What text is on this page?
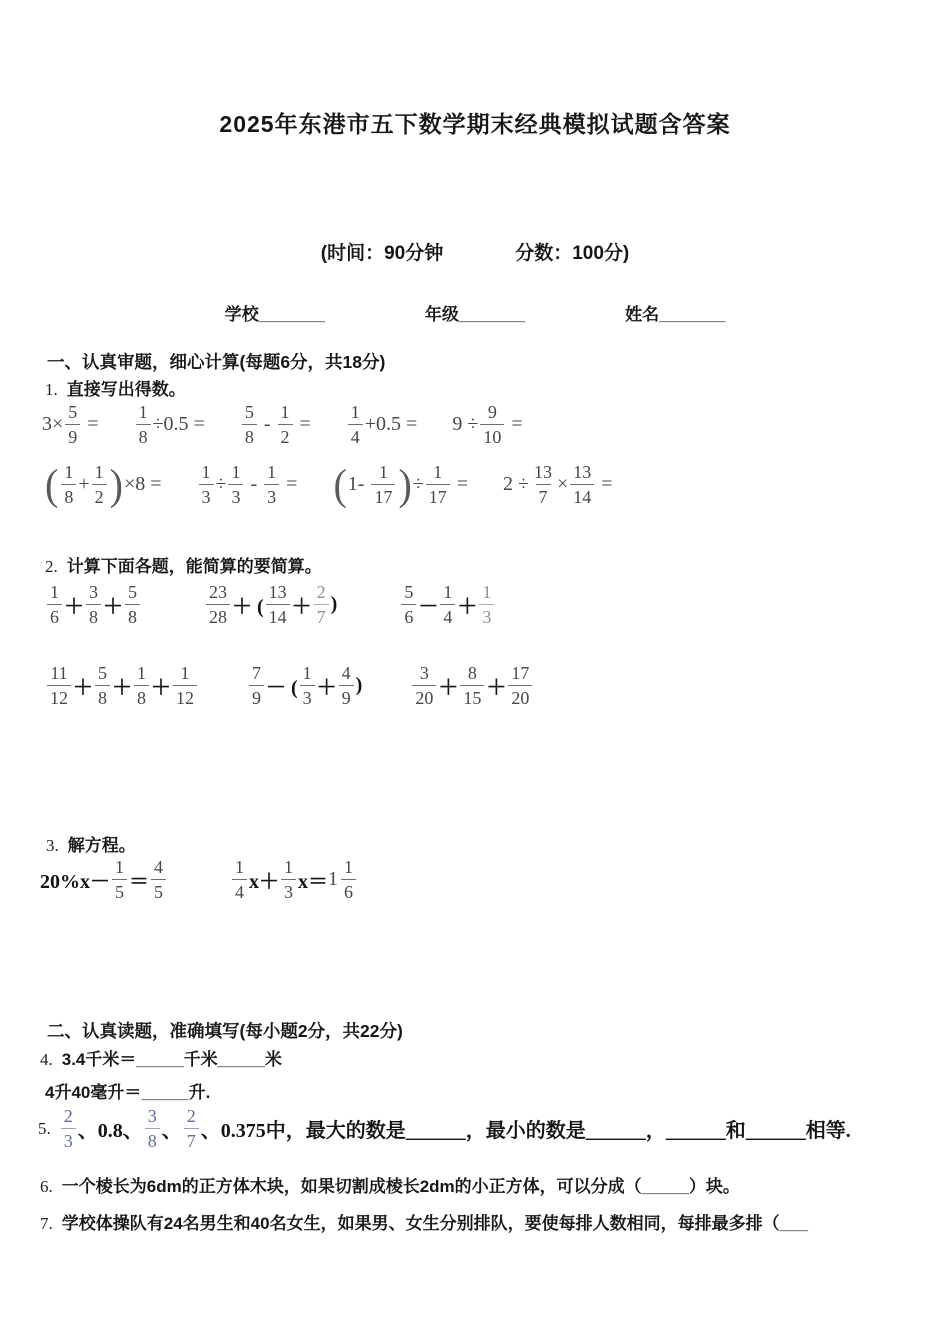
2025年东港市五下数学期末经典模拟试题含答案
(时间：90分钟	分数：100分)
学校_______	年级_______	姓名_______
一、认真审题，细心计算(每题6分，共18分)
1. 直接写出得数。
$3\times \frac{5}{9} = \frac{1}{8} \div 0.5 = \frac{5}{8} - \frac{1}{2} = \frac{1}{4} +0.5 = 9 \div \frac{9}{10}$ =
( $\frac{1}{8} + \frac{1}{2}$ ) $\times 8 = \frac{1}{3} \div \frac{1}{3} - \frac{1}{3}$ = ( $1- \frac{1}{17}$ ) ÷ $\frac{1}{17} = 2 \div \frac{13}{7} \times \frac{13}{14}$ =
2. 计算下面各题，能简算的要简算。
$\frac{1}{6} + \frac{3}{8} + \frac{5}{8}$	$\frac{23}{28}$ ＋ ( $\frac{13}{14} + \frac{2}{7}$ )	$\frac{5}{6} - \frac{1}{4} + \frac{1}{3}$
$\frac{11}{12} + \frac{5}{8} + \frac{1}{8} + \frac{1}{12}$	$\frac{7}{9}$ － ( $\frac{1}{3} + \frac{4}{9}$ )	$\frac{3}{20} + \frac{8}{15} + \frac{17}{20}$
3. 解方程。
$20\%x- \frac{1}{5} = \frac{4}{5}$	$\frac{1}{4} x+ \frac{1}{3} x= 1 \frac{1}{6}$
二、认真读题，准确填写(每小题2分，共22分)
4. 3.4千米＝_____千米_____米
4升40毫升＝_____升.
5. $\frac{2}{3}$ 、0.8、 $\frac{3}{8}$ 、 $\frac{2}{7}$ 、0.375中，最大的数是______，最小的数是______，______和______相等.
6. 一个棱长为6dm的正方体木块，如果切割成棱长2dm的小正方体，可以分成（_____）块。
7. 学校体操队有24名男生和40名女生，如果男、女生分别排队，要使每排人数相同，每排最多排（___
